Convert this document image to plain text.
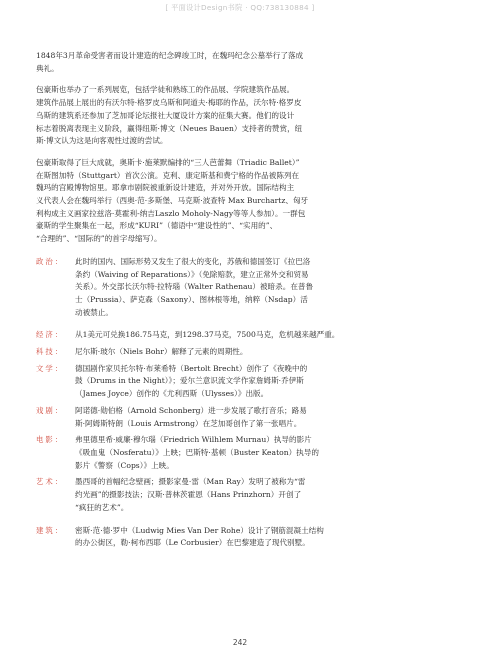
[ 平面设计Design书院 · QQ:738130884 ]
1848年3月革命受害者而设计建造的纪念碑竣工时，在魏玛纪念公墓举行了落成
典礼。
包豪斯也举办了一系列展览，包括学徒和熟练工的作品展、学院建筑作品展。
建筑作品展上展出的有沃尔特·格罗皮乌斯和阿道夫·梅耶的作品，沃尔特·格罗皮
乌斯的建筑系还参加了芝加哥论坛报社大厦设计方案的征集大赛。他们的设计
标志着脱离表现主义阶段，赢得纽斯·博文（Neues Bauen）支持者的赞赏，纽
斯·博文认为这是向客观性过渡的尝试。
包豪斯取得了巨大成就，奥斯卡·施莱默编排的“三人芭蕾舞（Triadic Ballet）”
在斯图加特（Stuttgart）首次公演。克利、康定斯基和费宁格的作品被陈列在
魏玛的宫殿博物馆里。耶拿市剧院被重新设计建造，并对外开放。国际结构主
义代表人会在魏玛举行（西奥·范·多斯堡、马克斯·波查特 Max Burchartz、匈牙
利构成主义画家拉兹洛·莫霍利-纳吉Laszlo Moholy-Nagy等等人参加）。一群包
豪斯的学生聚集在一起，形成“KURI”（德语中“建设性的”、“实用的”、
“合理的”、“国际的”的首字母缩写）。
政治：	此时的国内、国际形势又发生了很大的变化，苏俄和德国签订《拉巴洛
条约（Waiving of Reparations）》（免除赔款，建立正常外交和贸易
关系）。外交部长沃尔特·拉特瑙（Walter Rathenau）被暗杀。在普鲁
士（Prussia）、萨克森（Saxony）、图林根等地，纳粹（Nsdap）活
动被禁止。
经济：	从1美元可兑换186.75马克，到1298.37马克，7500马克，危机越来越严重。
科技：	尼尔斯·玻尔（Niels Bohr）解释了元素的周期性。
文学：	德国剧作家贝托尔特·布莱希特（Bertolt Brecht）创作了《夜晚中的
鼓（Drums in the Night）》；爱尔兰意识流文学作家詹姆斯·乔伊斯
（James Joyce）创作的《尤利西斯（Ulysses）》出版。
戏剧：	阿诺德·勋伯格（Arnold Schonberg）进一步发展了歌打音乐；路易
斯·阿姆斯特朗（Louis Armstrong）在芝加哥创作了第一张唱片。
电影：	弗里德里希·威廉·穆尔瑙（Friedrich Wilhlem Murnau）执导的影片
《吸血鬼（Nosferatu）》上映；巴斯特·基顿（Buster Keaton）执导的
影片《警察（Cops）》上映。
艺术：	墨西哥的首幅纪念壁画；摄影家曼·雷（Man Ray）发明了被称为“雷
约光画”的摄影技法；汉斯·普林茨霍恩（Hans Prinzhorn）开创了
“疯狂的艺术”。
建筑：	密斯·范·德·罗中（Ludwig Mies Van Der Rohe）设计了钢筋混凝土结构
的办公街区，勒·柯布西耶（Le Corbusier）在巴黎建造了现代别墅。
242
